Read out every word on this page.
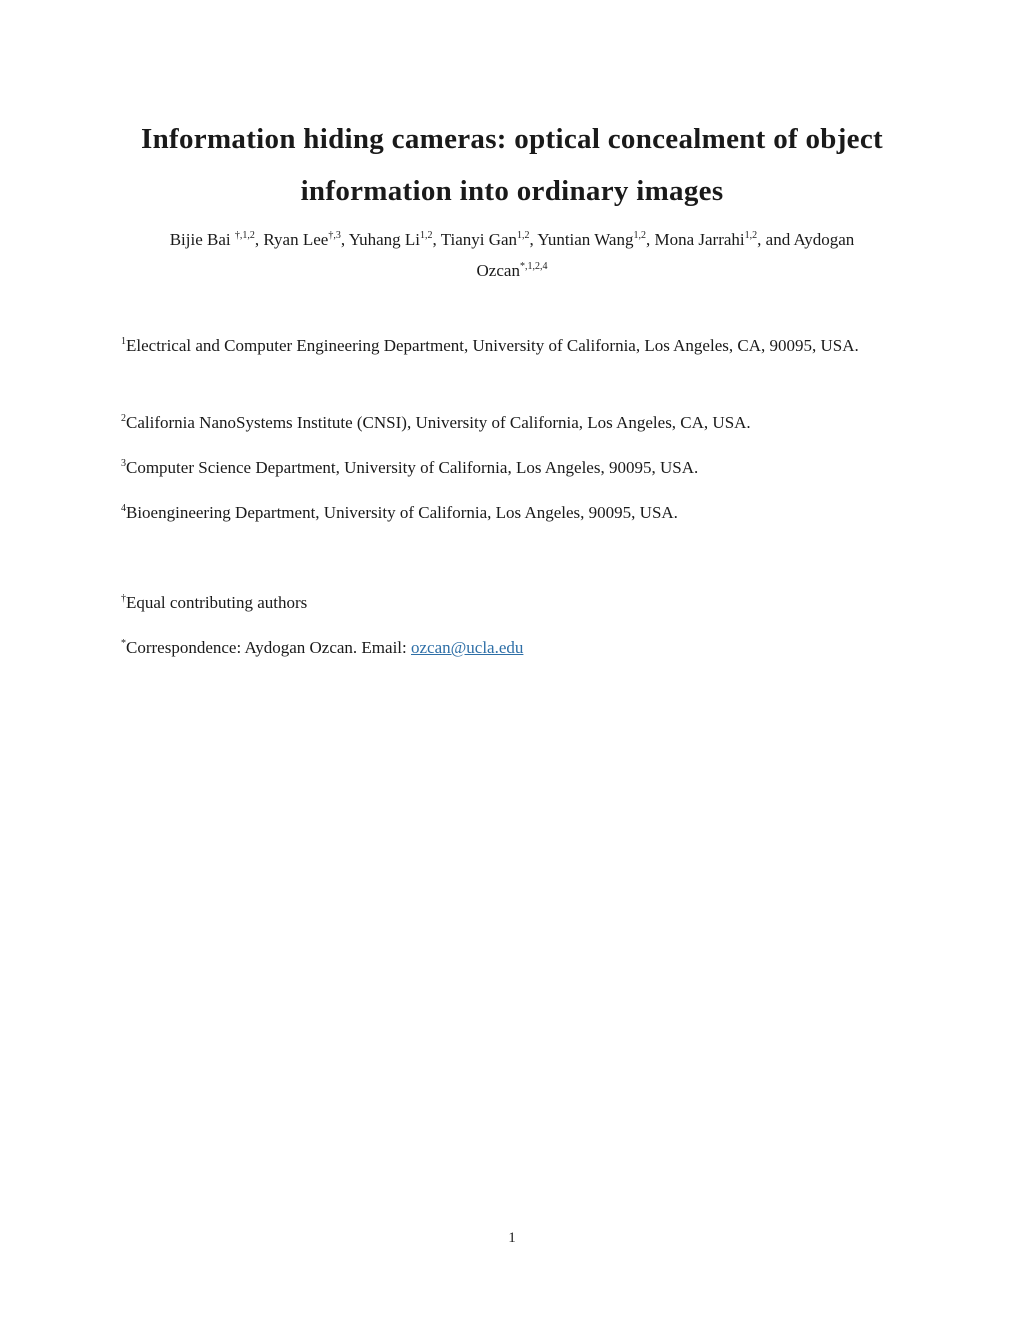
Information hiding cameras: optical concealment of object
information into ordinary images
Bijie Bai $^{\dagger,1,2}$, Ryan Lee$^{\dagger,3}$, Yuhang Li$^{1,2}$, Tianyi Gan$^{1,2}$, Yuntian Wang$^{1,2}$, Mona Jarrahi$^{1,2}$, and Aydogan
Ozcan$^{*,1,2,4}$
$^1$Electrical and Computer Engineering Department, University of California, Los Angeles, CA, 90095, USA.
$^2$California NanoSystems Institute (CNSI), University of California, Los Angeles, CA, USA.
$^3$Computer Science Department, University of California, Los Angeles, 90095, USA.
$^4$Bioengineering Department, University of California, Los Angeles, 90095, USA.
†Equal contributing authors
*Correspondence: Aydogan Ozcan. Email: ozcan@ucla.edu
1
